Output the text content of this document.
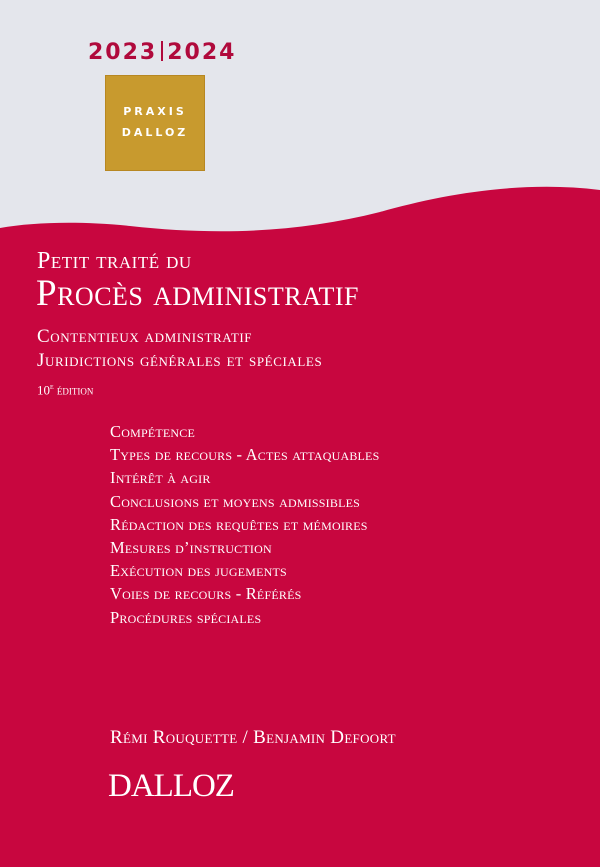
2023 2024
PRAXIS
DALLOZ
Petit traité du
Procès administratif
Contentieux administratif
Juridictions générales et spéciales
10e édition
Compétence
Types de recours - Actes attaquables
Intérêt à agir
Conclusions et moyens admissibles
Rédaction des requêtes et mémoires
Mesures d’instruction
Exécution des jugements
Voies de recours - Référés
Procédures spéciales
Rémi Rouquette / Benjamin Defoort
DALLOZ
